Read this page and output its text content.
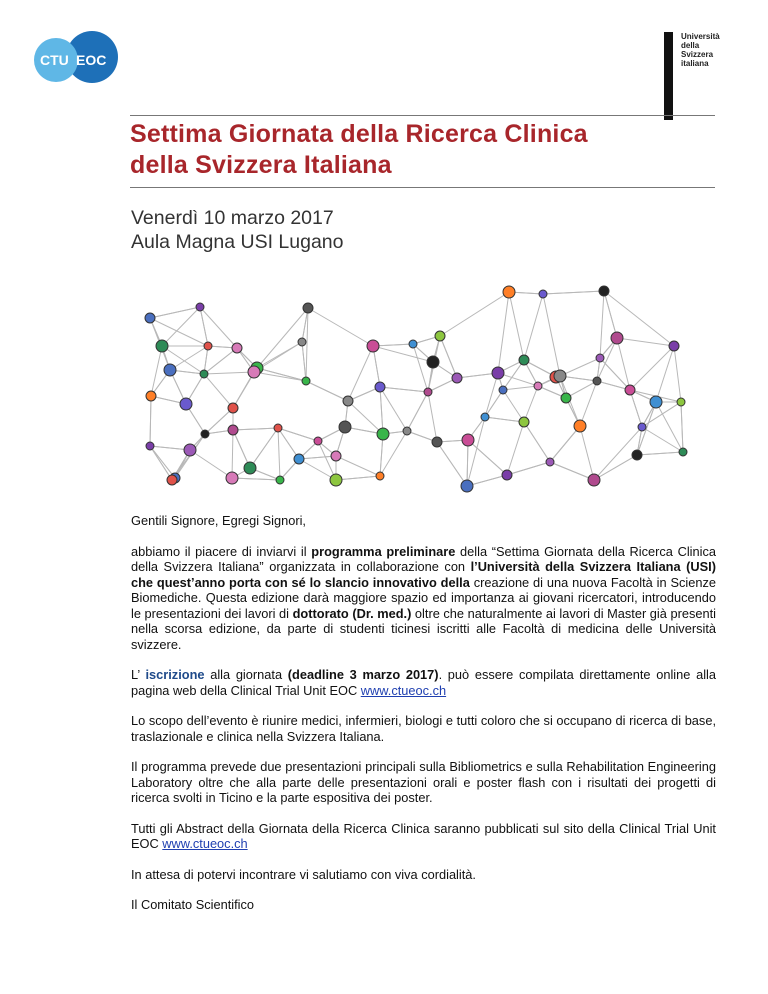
CTU EOC
Università
della
Svizzera
italiana
Settima Giornata della Ricerca Clinica
della Svizzera Italiana
Venerdì 10 marzo 2017
Aula Magna USI Lugano

Gentili Signore, Egregi Signori,

abbiamo il piacere di inviarvi il programma preliminare della “Settima Giornata della Ricerca Clinica della Svizzera Italiana” organizzata in collaborazione con l’Università della Svizzera Italiana (USI) che quest’anno porta con sé lo slancio innovativo della creazione di una nuova Facoltà in Scienze Biomediche. Questa edizione darà maggiore spazio ed importanza ai giovani ricercatori, introducendo le presentazioni dei lavori di dottorato (Dr. med.) oltre che naturalmente ai lavori di Master già presenti nella scorsa edizione, da parte di studenti ticinesi iscritti alle Facoltà di medicina delle Università svizzere.

L’ iscrizione alla giornata (deadline 3 marzo 2017). può essere compilata direttamente online alla pagina web della Clinical Trial Unit EOC www.ctueoc.ch

Lo scopo dell’evento è riunire medici, infermieri, biologi e tutti coloro che si occupano di ricerca di base, traslazionale e clinica nella Svizzera Italiana.

Il programma prevede due presentazioni principali sulla Bibliometrics e sulla Rehabilitation Engineering Laboratory oltre che alla parte delle presentazioni orali e poster flash con i risultati dei progetti di ricerca svolti in Ticino e la parte espositiva dei poster.

Tutti gli Abstract della Giornata della Ricerca Clinica saranno pubblicati sul sito della Clinical Trial Unit EOC www.ctueoc.ch

In attesa di potervi incontrare vi salutiamo con viva cordialità.

Il Comitato Scientifico
